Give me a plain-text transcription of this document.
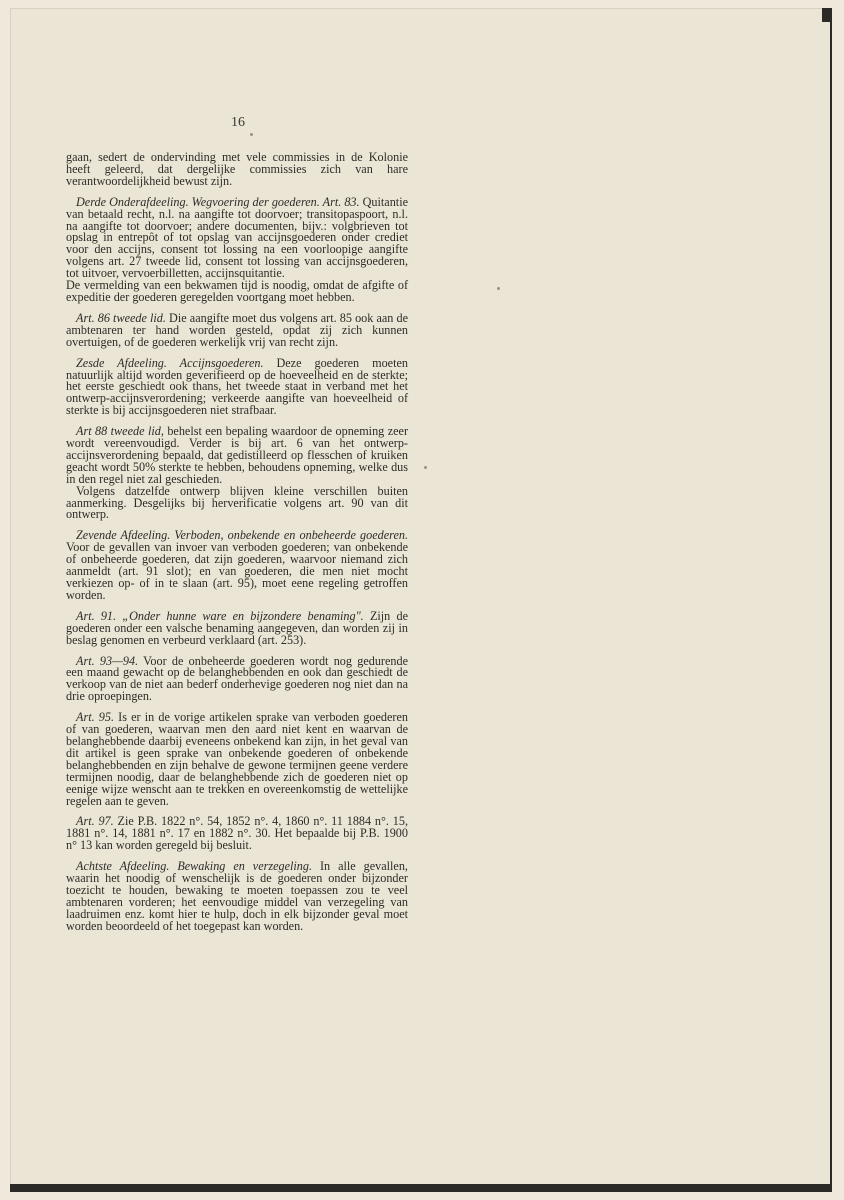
16

gaan, sedert de ondervinding met vele commissies in de Kolonie heeft geleerd, dat dergelijke commissies zich van hare verantwoordelijkheid bewust zijn.

Derde Onderafdeeling. Wegvoering der goederen. Art. 83. Quitantie van betaald recht, n.l. na aangifte tot doorvoer; transitopaspoort, n.l. na aangifte tot doorvoer; andere documenten, bijv.: volgbrieven tot opslag in entrepôt of tot opslag van accijnsgoederen onder crediet voor den accijns, consent tot lossing na een voorloopige aangifte volgens art. 27 tweede lid, consent tot lossing van accijnsgoederen, tot uitvoer, vervoerbilletten, accijnsquitantie.

De vermelding van een bekwamen tijd is noodig, omdat de afgifte of expeditie der goederen geregelden voortgang moet hebben.

Art. 86 tweede lid. Die aangifte moet dus volgens art. 85 ook aan de ambtenaren ter hand worden gesteld, opdat zij zich kunnen overtuigen, of de goederen werkelijk vrij van recht zijn.

Zesde Afdeeling. Accijnsgoederen. Deze goederen moeten natuurlijk altijd worden geverifieerd op de hoeveelheid en de sterkte; het eerste geschiedt ook thans, het tweede staat in verband met het ontwerp-accijnsverordening; verkeerde aangifte van hoeveelheid of sterkte is bij accijnsgoederen niet strafbaar.

Art 88 tweede lid, behelst een bepaling waardoor de opneming zeer wordt vereenvoudigd. Verder is bij art. 6 van het ontwerp-accijnsverordening bepaald, dat gedistilleerd op flesschen of kruiken geacht wordt 50% sterkte te hebben, behoudens opneming, welke dus in den regel niet zal geschieden.

Volgens datzelfde ontwerp blijven kleine verschillen buiten aanmerking. Desgelijks bij herverificatie volgens art. 90 van dit ontwerp.

Zevende Afdeeling. Verboden, onbekende en onbeheerde goederen. Voor de gevallen van invoer van verboden goederen; van onbekende of onbeheerde goederen, dat zijn goederen, waarvoor niemand zich aanmeldt (art. 91 slot); en van goederen, die men niet mocht verkiezen op- of in te slaan (art. 95), moet eene regeling getroffen worden.

Art. 91. „Onder hunne ware en bijzondere benaming". Zijn de goederen onder een valsche benaming aangegeven, dan worden zij in beslag genomen en verbeurd verklaard (art. 253).

Art. 93—94. Voor de onbeheerde goederen wordt nog gedurende een maand gewacht op de belanghebbenden en ook dan geschiedt de verkoop van de niet aan bederf onderhevige goederen nog niet dan na drie oproepingen.

Art. 95. Is er in de vorige artikelen sprake van verboden goederen of van goederen, waarvan men den aard niet kent en waarvan de belanghebbende daarbij eveneens onbekend kan zijn, in het geval van dit artikel is geen sprake van onbekende goederen of onbekende belanghebbenden en zijn behalve de gewone termijnen geene verdere termijnen noodig, daar de belanghebbende zich de goederen niet op eenige wijze wenscht aan te trekken en overeenkomstig de wettelijke regelen aan te geven.

Art. 97. Zie P.B. 1822 n°. 54, 1852 n°. 4, 1860 n°. 11 1884 n°. 15, 1881 n°. 14, 1881 n°. 17 en 1882 n°. 30. Het bepaalde bij P.B. 1900 n° 13 kan worden geregeld bij besluit.

Achtste Afdeeling. Bewaking en verzegeling. In alle gevallen, waarin het noodig of wenschelijk is de goederen onder bijzonder toezicht te houden, bewaking te moeten toepassen zou te veel ambtenaren vorderen; het eenvoudige middel van verzegeling van laadruimen enz. komt hier te hulp, doch in elk bijzonder geval moet worden beoordeeld of het toegepast kan worden.
